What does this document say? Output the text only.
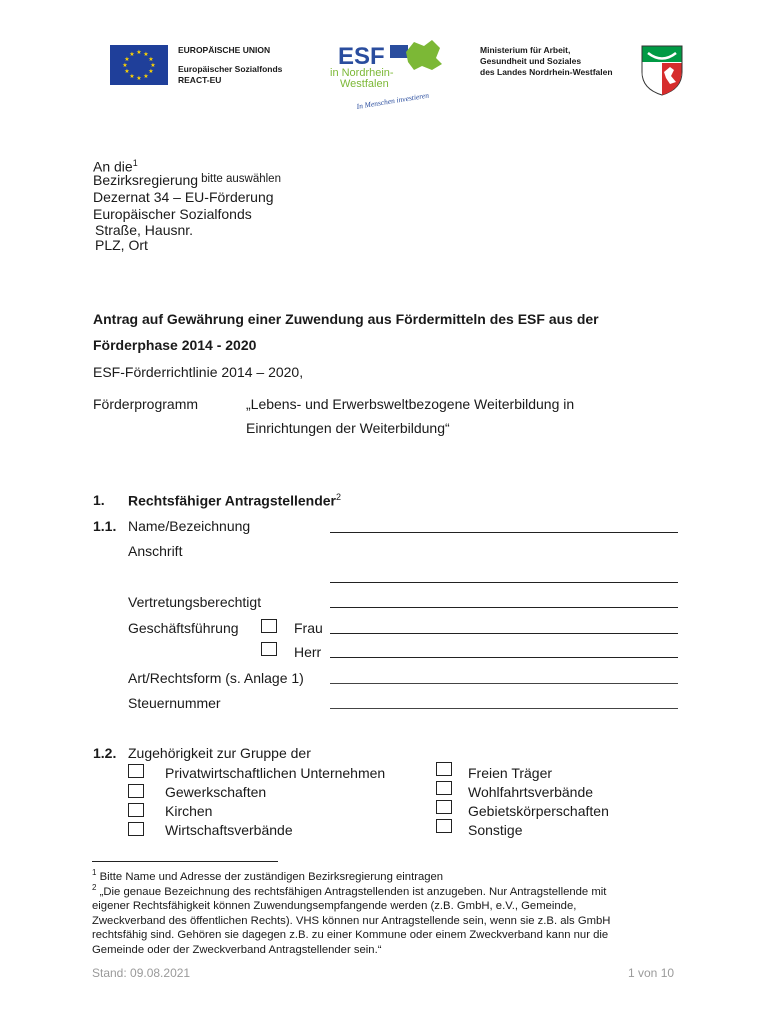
★ ★
★
★
★
★
★
★
★
★
★
★	EUROPÄISCHE UNION
Europäischer Sozialfonds
REACT-EU
ESF
in Nordrhein-
Westfalen
In Menschen investieren
Ministerium für Arbeit,
Gesundheit und Soziales
des Landes Nordrhein-Westfalen
An die$^1$
Bezirksregierung $^{bitte auswählen}$
Dezernat 34 – EU-Förderung
Europäischer Sozialfonds
Straße, Hausnr.
PLZ, Ort
Antrag auf Gewährung einer Zuwendung aus Fördermitteln des ESF aus der
Förderphase 2014 - 2020
ESF-Förderrichtlinie 2014 – 2020,
Förderprogramm	„Lebens- und Erwerbsweltbezogene Weiterbildung in
Einrichtungen der Weiterbildung“
1. Rechtsfähiger Antragstellender$^2$
1.1. Name/Bezeichnung
Anschrift
Vertretungsberechtigt
Geschäftsführung	Frau
Herr
Art/Rechtsform (s. Anlage 1)
Steuernummer
1.2. Zugehörigkeit zur Gruppe der
Privatwirtschaftlichen Unternehmen
Gewerkschaften
Kirchen
Wirtschaftsverbände
Freien Träger
Wohlfahrtsverbände
Gebietskörperschaften
Sonstige
$^1$ Bitte Name und Adresse der zuständigen Bezirksregierung eintragen
$^2$ „Die genaue Bezeichnung des rechtsfähigen Antragstellenden ist anzugeben. Nur Antragstellende mit
eigener Rechtsfähigkeit können Zuwendungsempfangende werden (z.B. GmbH, e.V., Gemeinde,
Zweckverband des öffentlichen Rechts). VHS können nur Antragstellende sein, wenn sie z.B. als GmbH
rechtsfähig sind. Gehören sie dagegen z.B. zu einer Kommune oder einem Zweckverband kann nur die
Gemeinde oder der Zweckverband Antragstellender sein.“
Stand: 09.08.2021	1 von 10
